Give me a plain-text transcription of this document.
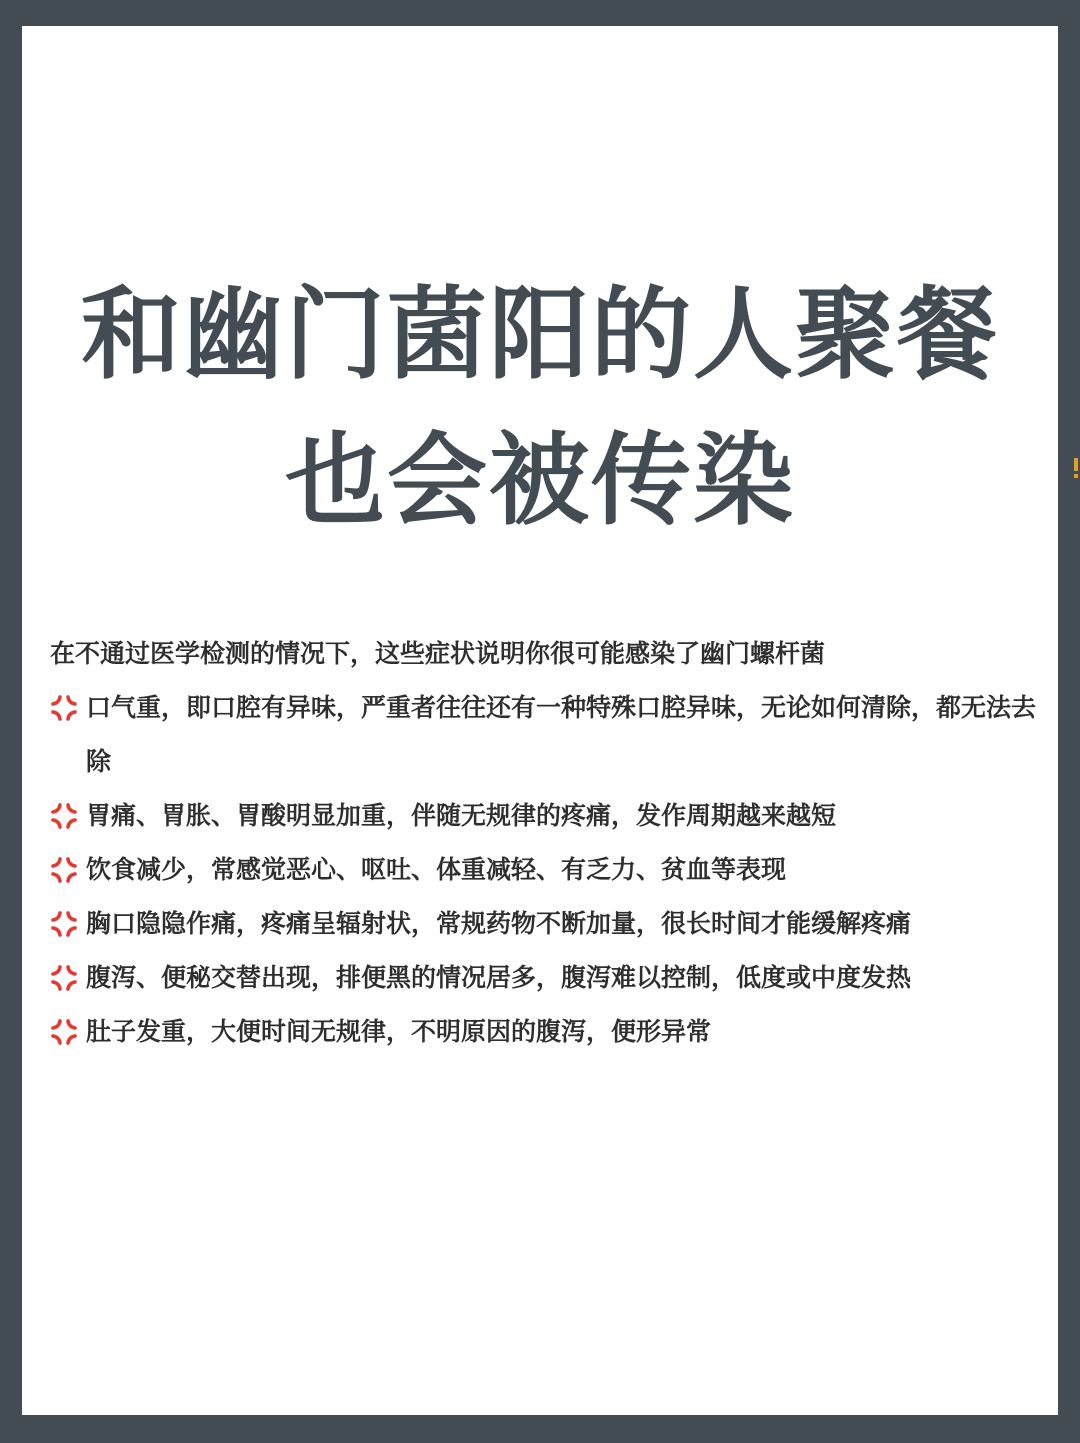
和幽门菌阳的人聚餐
也会被传染

在不通过医学检测的情况下，这些症状说明你很可能感染了幽门螺杆菌

口气重，即口腔有异味，严重者往往还有一种特殊口腔异味，无论如何清除，都无法去除
胃痛、胃胀、胃酸明显加重，伴随无规律的疼痛，发作周期越来越短
饮食减少，常感觉恶心、呕吐、体重减轻、有乏力、贫血等表现
胸口隐隐作痛，疼痛呈辐射状，常规药物不断加量，很长时间才能缓解疼痛
腹泻、便秘交替出现，排便黑的情况居多，腹泻难以控制，低度或中度发热
肚子发重，大便时间无规律，不明原因的腹泻，便形异常
